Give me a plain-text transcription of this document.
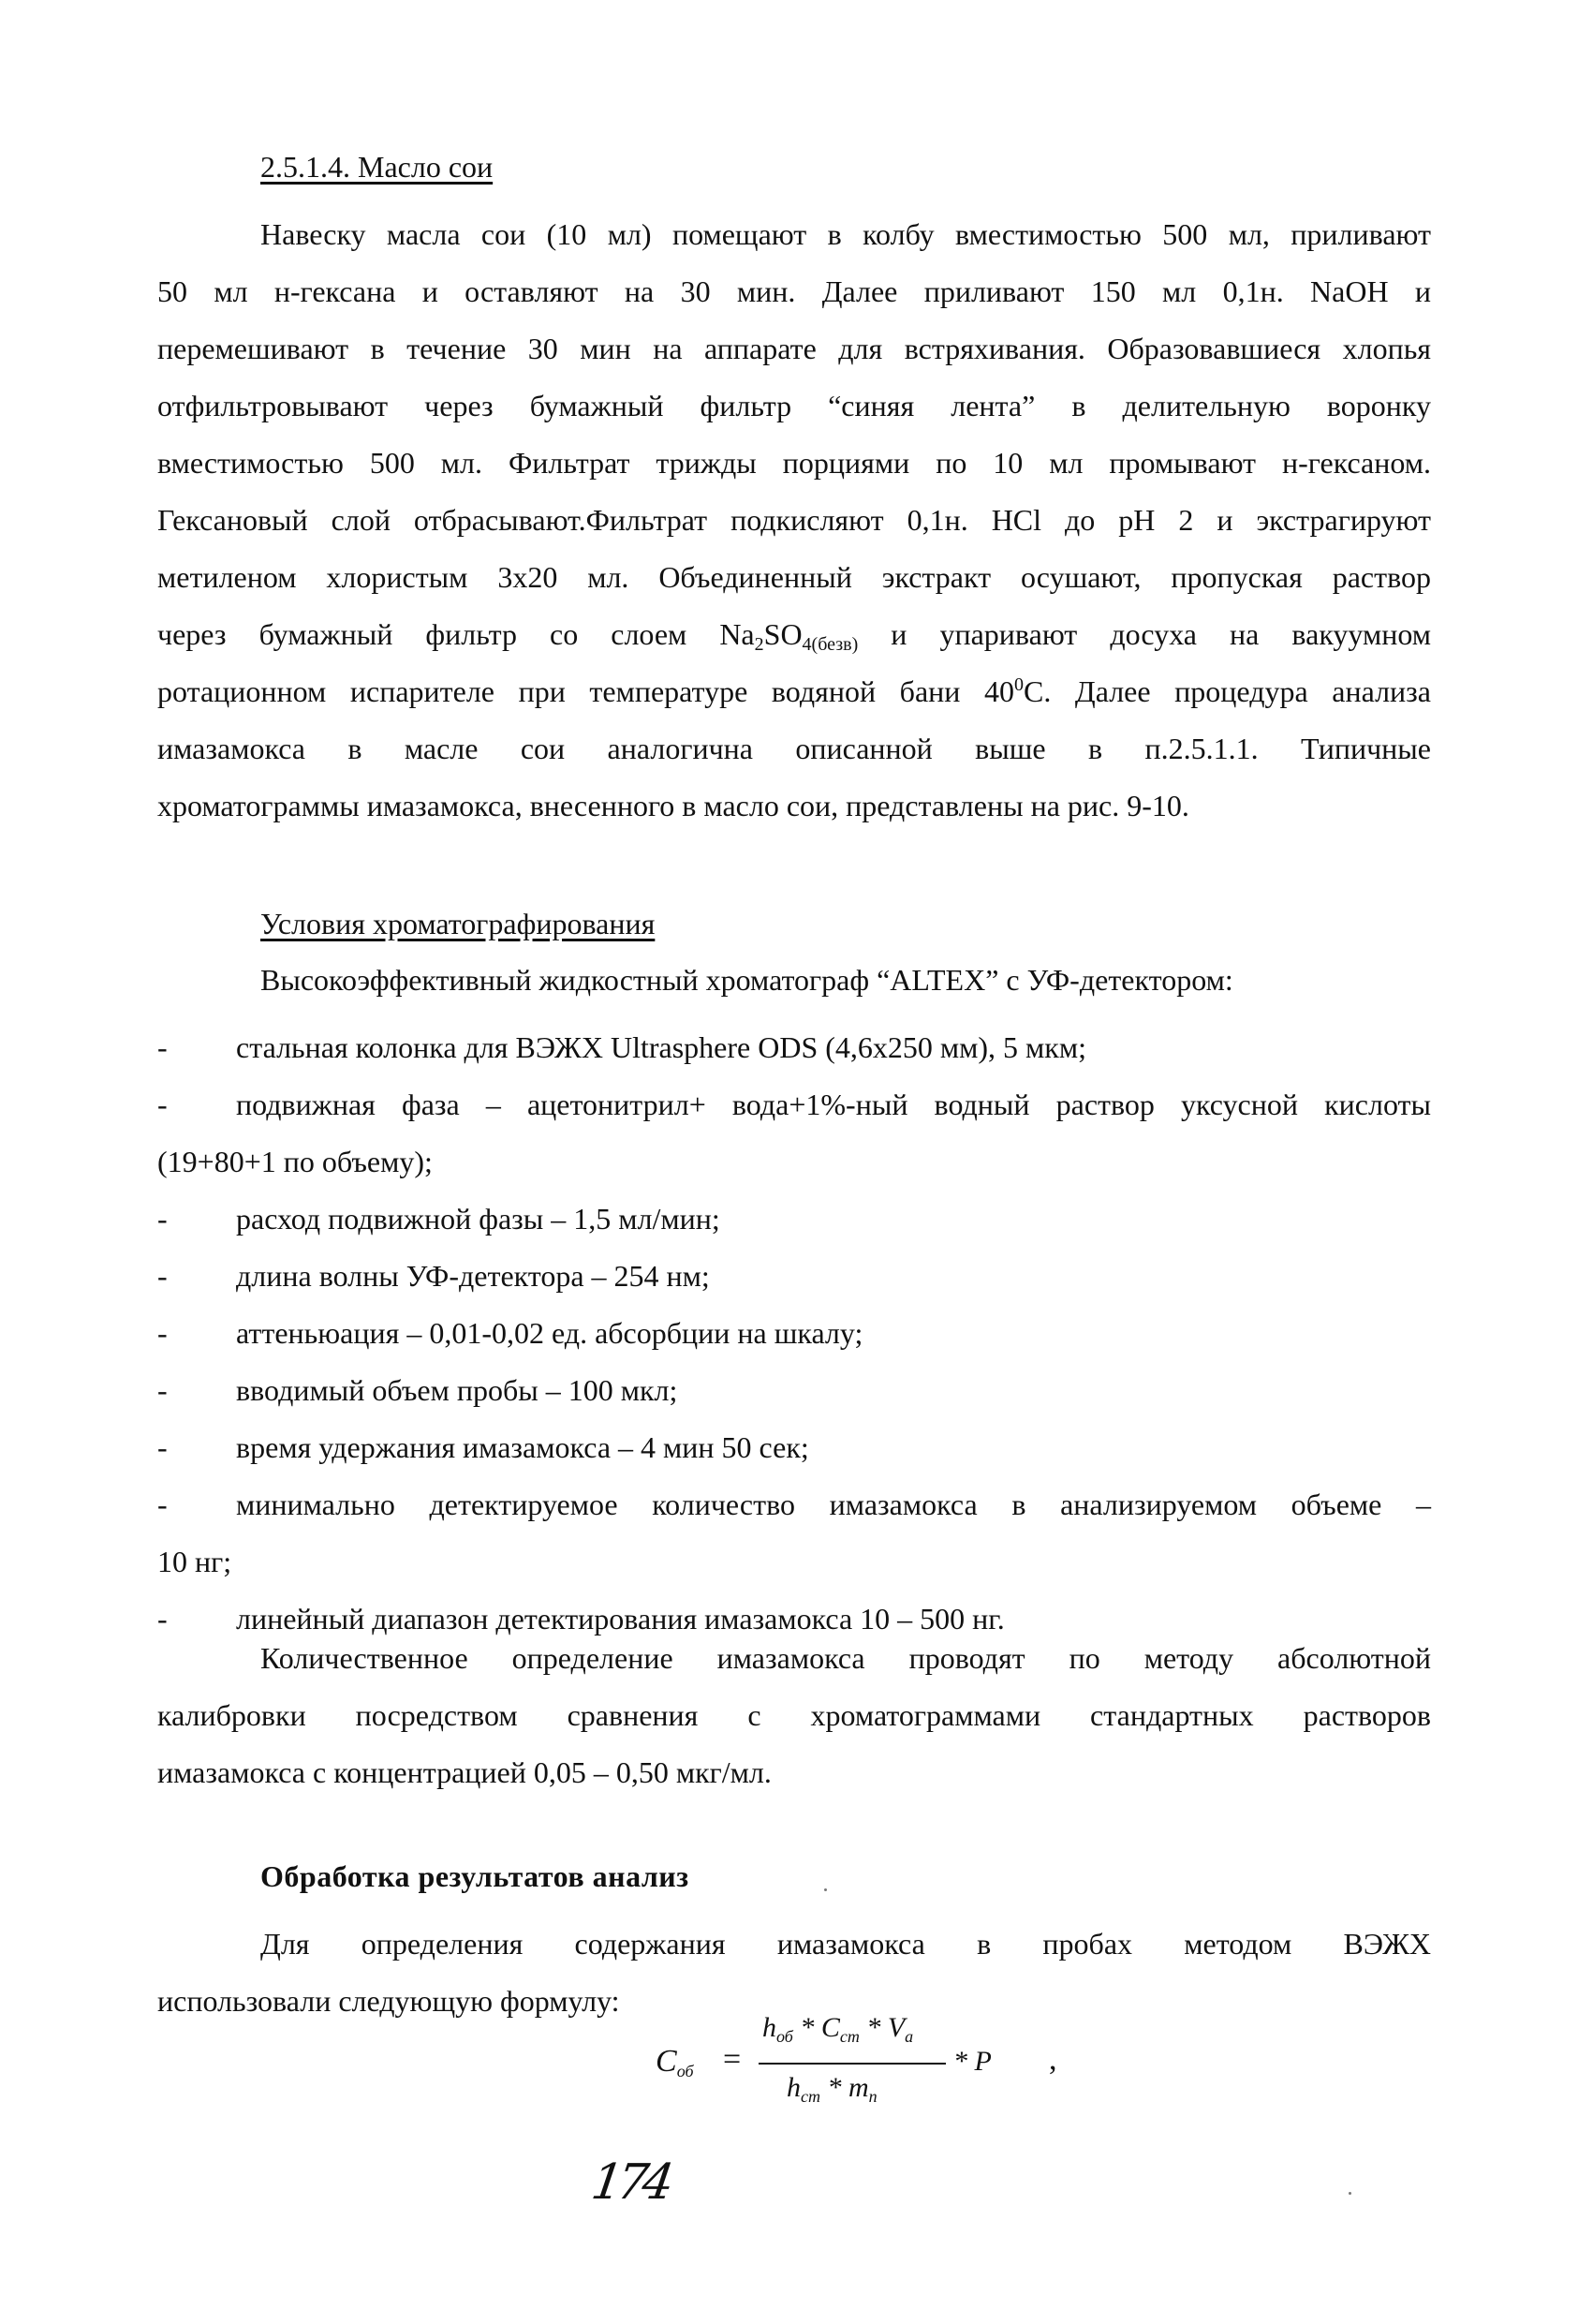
2.5.1.4. Масло сои
Навеску масла сои (10 мл) помещают в колбу вместимостью 500 мл, приливают
50 мл н-гексана и оставляют на 30 мин. Далее приливают 150 мл 0,1н. NaOH и
перемешивают в течение 30 мин на аппарате для встряхивания. Образовавшиеся хлопья
отфильтровывают через бумажный фильтр “синяя лента” в делительную воронку
вместимостью 500 мл. Фильтрат трижды порциями по 10 мл промывают н-гексаном.
Гексановый слой отбрасывают.Фильтрат подкисляют 0,1н. HCl до pH 2 и экстрагируют
метиленом хлористым 3х20 мл. Объединенный экстракт осушают, пропуская раствор
через бумажный фильтр со слоем $Na_2SO_{4(безв)}$ и упаривают досуха на вакуумном
ротационном испарителе при температуре водяной бани $40^0С$. Далее процедура анализа
имазамокса в масле сои аналогична описанной выше в п.2.5.1.1. Типичные
хроматограммы имазамокса, внесенного в масло сои, представлены на рис. 9-10.
Условия хроматографирования
Высокоэффективный жидкостный хроматограф “ALTEX” с УФ-детектором:
-	стальная колонка для ВЭЖХ Ultrasphere ODS (4,6х250 мм), 5 мкм;
-	подвижная фаза – ацетонитрил+ вода+1%-ный водный раствор уксусной кислоты
(19+80+1 по объему);
-	расход подвижной фазы – 1,5 мл/мин;
-	длина волны УФ-детектора – 254 нм;
-	аттеньюация – 0,01-0,02 ед. абсорбции на шкалу;
-	вводимый объем пробы – 100 мкл;
-	время удержания имазамокса – 4 мин 50 сек;
-	минимально детектируемое количество имазамокса в анализируемом объеме –
10 нг;
-	линейный диапазон детектирования имазамокса 10 – 500 нг.
Количественное определение имазамокса проводят по методу абсолютной
калибровки посредством сравнения с хроматограммами стандартных растворов
имазамокса с концентрацией 0,05 – 0,50 мкг/мл.
Обработка результатов анализ
Для определения содержания имазамокса в пробах методом ВЭЖХ
использовали следующую формулу:
Cоб =
$h_{об} * C_{ст} * V_а$
$h_{ст} * m_п$
* P ,
174
